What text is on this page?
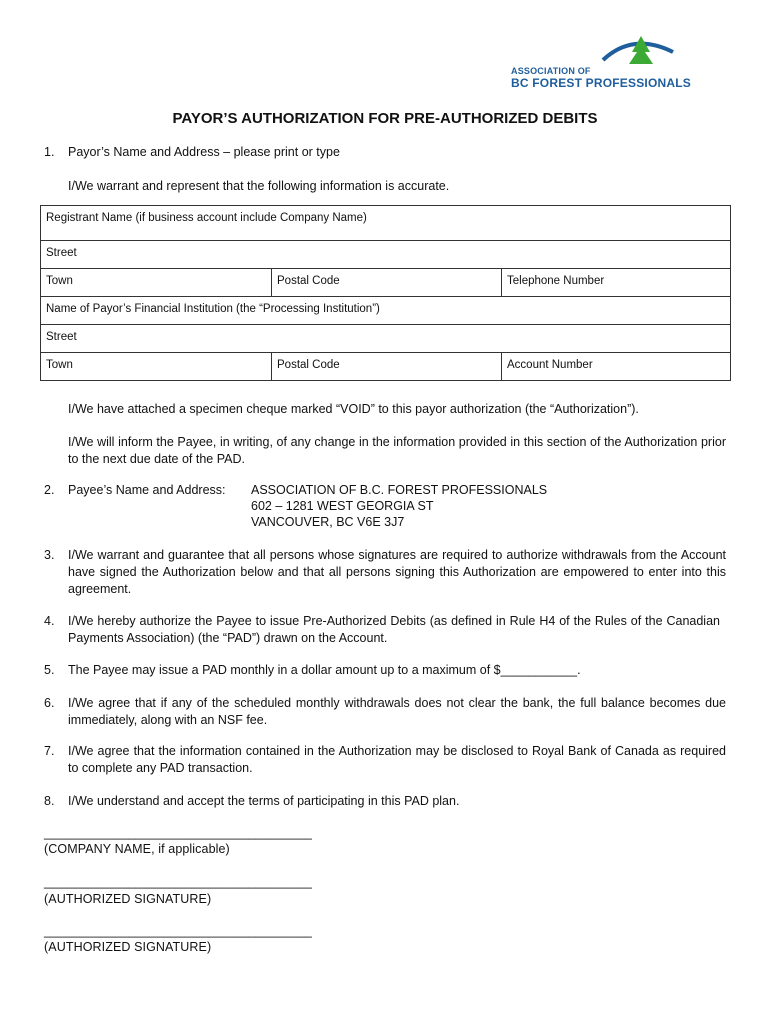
ASSOCIATION OF
BC FOREST PROFESSIONALS
PAYOR’S AUTHORIZATION FOR PRE-AUTHORIZED DEBITS
1. Payor’s Name and Address – please print or type
I/We warrant and represent that the following information is accurate.
Registrant Name (if business account include Company Name)		
Street		
Town	Postal Code	Telephone Number
Name of Payor’s Financial Institution (the “Processing Institution”)		
Street		
Town	Postal Code	Account Number
I/We have attached a specimen cheque marked “VOID” to this payor authorization (the “Authorization”).
I/We will inform the Payee, in writing, of any change in the information provided in this section of the Authorization prior to the next due date of the PAD.
2. Payee’s Name and Address: ASSOCIATION OF B.C. FOREST PROFESSIONALS
602 – 1281 WEST GEORGIA ST
VANCOUVER, BC V6E 3J7
3. I/We warrant and guarantee that all persons whose signatures are required to authorize withdrawals from the Account have signed the Authorization below and that all persons signing this Authorization are empowered to enter into this agreement.
4. I/We hereby authorize the Payee to issue Pre-Authorized Debits (as defined in Rule H4 of the Rules of the Canadian Payments Association) (the “PAD”) drawn on the Account.
5. The Payee may issue a PAD monthly in a dollar amount up to a maximum of $___________.
6. I/We agree that if any of the scheduled monthly withdrawals does not clear the bank, the full balance becomes due immediately, along with an NSF fee.
7. I/We agree that the information contained in the Authorization may be disclosed to Royal Bank of Canada as required to complete any PAD transaction.
8. I/We understand and accept the terms of participating in this PAD plan.
______________________________________
(COMPANY NAME, if applicable)
______________________________________
(AUTHORIZED SIGNATURE)
______________________________________
(AUTHORIZED SIGNATURE)
